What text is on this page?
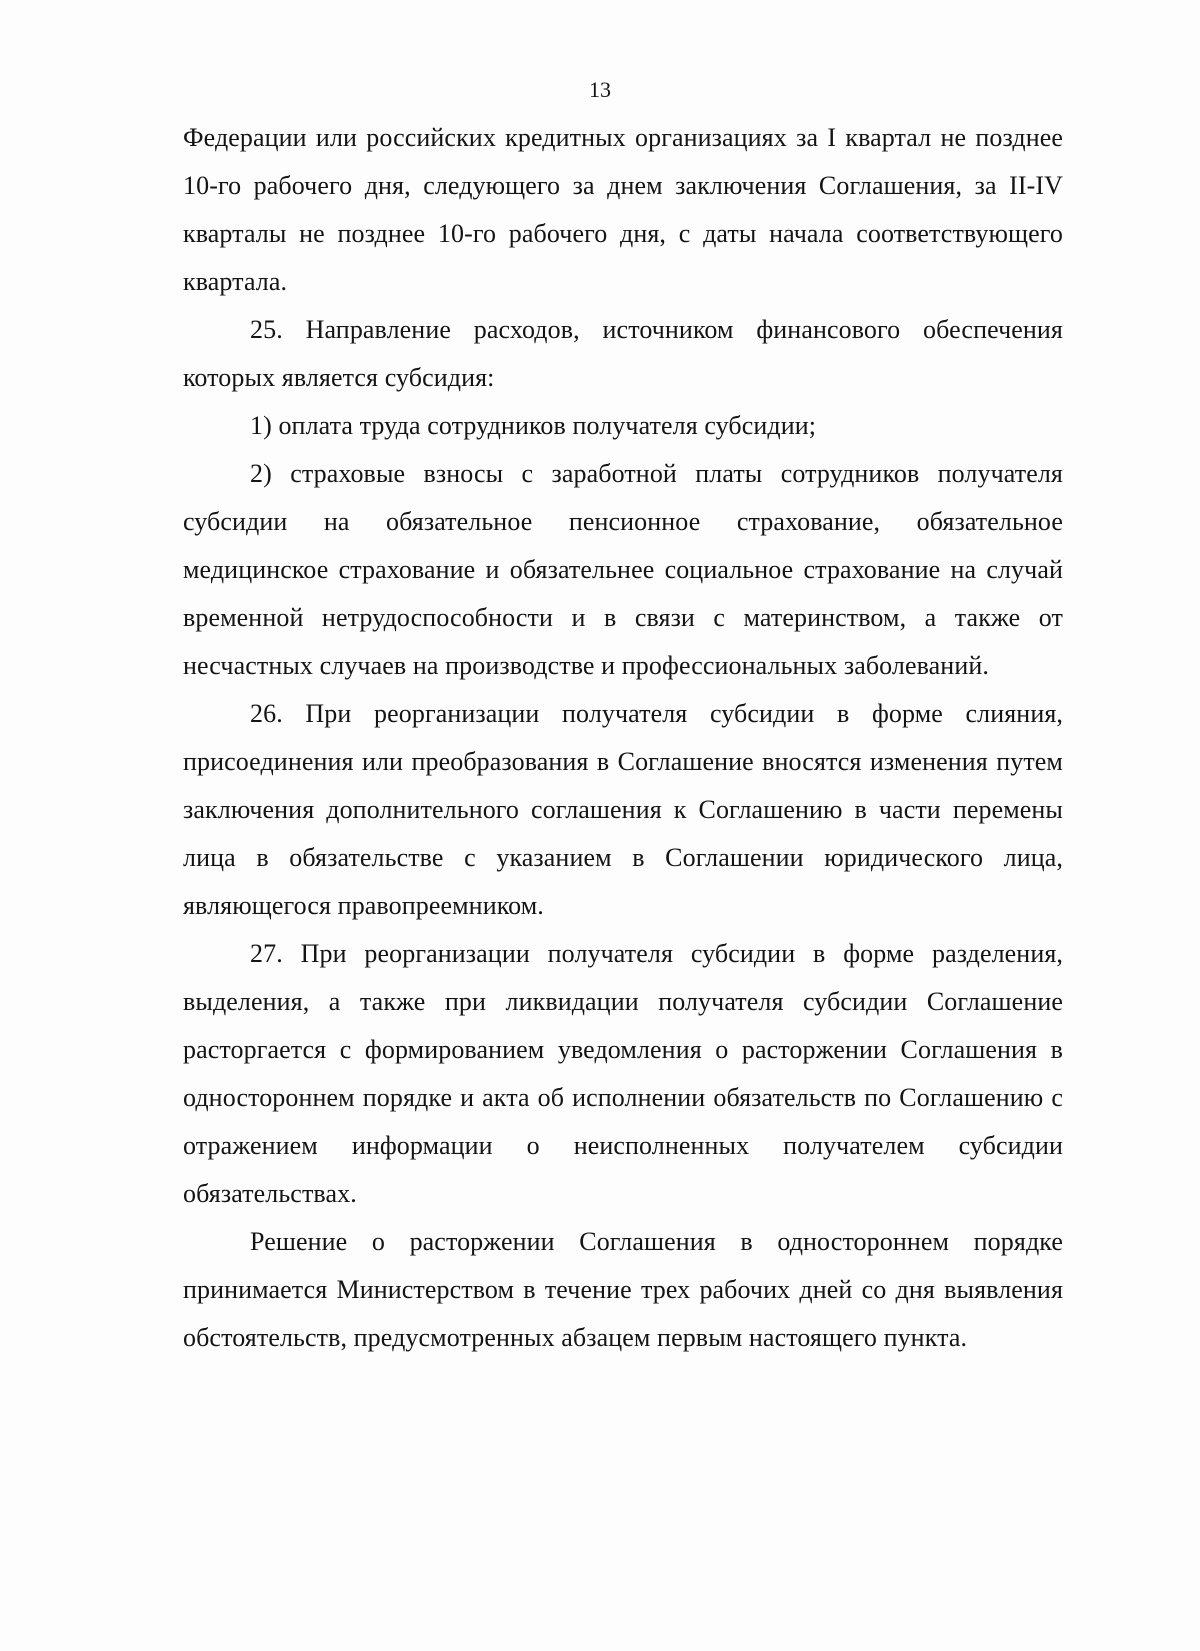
13

Федерации или российских кредитных организациях за I квартал не позднее 10-го рабочего дня, следующего за днем заключения Соглашения, за II-IV кварталы не позднее 10-го рабочего дня, с даты начала соответствующего квартала.

25. Направление расходов, источником финансового обеспечения которых является субсидия:

1) оплата труда сотрудников получателя субсидии;

2) страховые взносы с заработной платы сотрудников получателя субсидии на обязательное пенсионное страхование, обязательное медицинское страхование и обязательнее социальное страхование на случай временной нетрудоспособности и в связи с материнством, а также от несчастных случаев на производстве и профессиональных заболеваний.

26. При реорганизации получателя субсидии в форме слияния, присоединения или преобразования в Соглашение вносятся изменения путем заключения дополнительного соглашения к Соглашению в части перемены лица в обязательстве с указанием в Соглашении юридического лица, являющегося правопреемником.

27. При реорганизации получателя субсидии в форме разделения, выделения, а также при ликвидации получателя субсидии Соглашение расторгается с формированием уведомления о расторжении Соглашения в одностороннем порядке и акта об исполнении обязательств по Соглашению с отражением информации о неисполненных получателем субсидии обязательствах.

Решение о расторжении Соглашения в одностороннем порядке принимается Министерством в течение трех рабочих дней со дня выявления обстоятельств, предусмотренных абзацем первым настоящего пункта.
